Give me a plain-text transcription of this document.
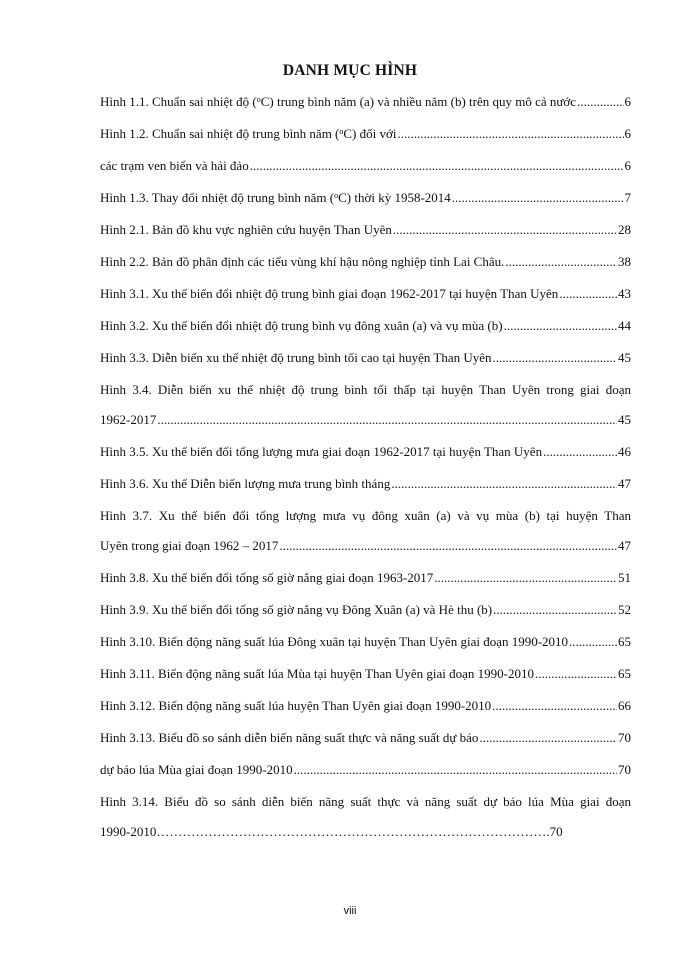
DANH MỤC HÌNH
Hình 1.1. Chuẩn sai nhiệt độ ($^o$C) trung bình năm (a) và nhiều năm (b) trên quy mô cả nước .....	6
Hình 1.2. Chuẩn sai nhiệt độ trung bình năm ($^o$C) đối với .....	6
các trạm ven biển và hải đảo .....	6
Hình 1.3. Thay đổi nhiệt độ trung bình năm ($^o$C) thời kỳ 1958-2014 .....	7
Hình 2.1. Bản đồ khu vực nghiên cứu huyện Than Uyên .....	28
Hình 2.2. Bản đồ phân định các tiểu vùng khí hậu nông nghiệp tỉnh Lai Châu. .....	38
Hình 3.1. Xu thế biến đổi nhiệt độ trung bình giai đoạn 1962-2017 tại huyện Than Uyên .....	43
Hình 3.2. Xu thế biến đổi nhiệt độ trung bình vụ đông xuân (a) và vụ mùa (b) .....	44
Hình 3.3. Diễn biến xu thế nhiệt độ trung bình tối cao tại huyện Than Uyên .....	45
Hình 3.4. Diễn biến xu thế nhiệt độ trung bình tối thấp tại huyện Than Uyên trong giai đoạn
1962-2017 .....	45
Hình 3.5. Xu thế biến đổi tổng lượng mưa giai đoạn 1962-2017 tại huyện Than Uyên .....	46
Hình 3.6. Xu thế Diễn biến lượng mưa trung bình tháng .....	47
Hình 3.7. Xu thế biến đổi tổng lượng mưa vụ đông xuân (a) và vụ mùa (b) tại huyện Than
Uyên trong giai đoạn 1962 – 2017 .....	47
Hình 3.8. Xu thế biến đổi tổng số giờ nắng giai đoạn 1963-2017 .....	51
Hình 3.9. Xu thế biến đổi tổng số giờ nắng vụ Đông Xuân (a) và Hè thu (b) .....	52
Hình 3.10. Biến động năng suất lúa Đông xuân tại huyện Than Uyên giai đoạn 1990-2010 .....	65
Hình 3.11. Biến động năng suất lúa Mùa tại huyện Than Uyên giai đoạn 1990-2010 .....	65
Hình 3.12. Biến động năng suất lúa huyện Than Uyên giai đoạn 1990-2010 .....	66
Hình 3.13. Biểu đồ so sánh diễn biến năng suất thực và năng suất dự báo .....	70
dự báo lúa Mùa giai đoạn 1990-2010 .....	70
Hình 3.14. Biểu đồ so sánh diễn biến năng suất thực và năng suất dự báo lúa Mùa giai đoạn
1990-2010………………………………………………………………………………. 70
viii
